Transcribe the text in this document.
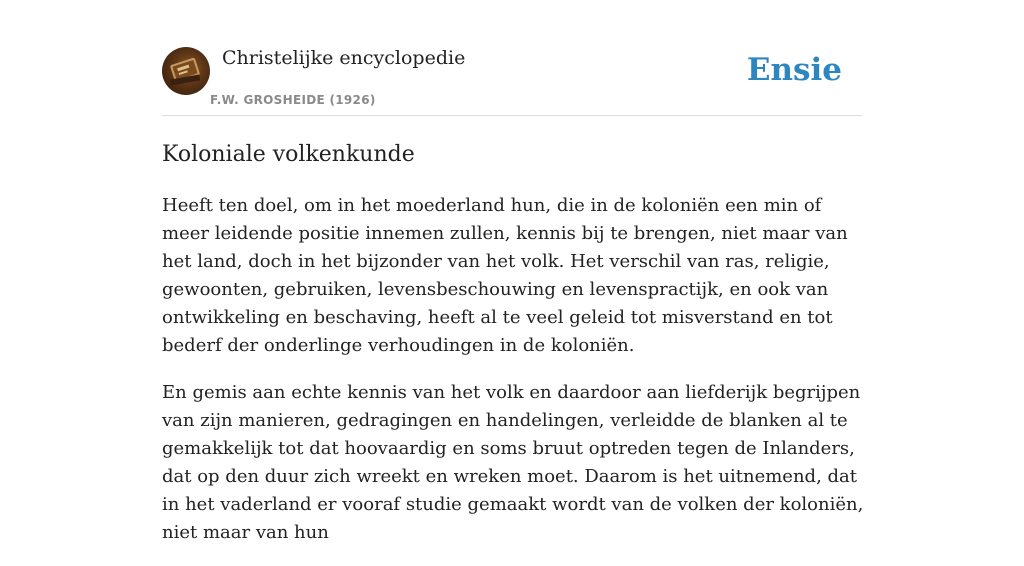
Christelijke encyclopedie
F.W. GROSHEIDE (1926)
Ensie
Koloniale volkenkunde

Heeft ten doel, om in het moederland hun, die in de koloniën een min of meer leidende positie innemen zullen, kennis bij te brengen, niet maar van het land, doch in het bijzonder van het volk. Het verschil van ras, religie, gewoonten, gebruiken, levensbeschouwing en levenspractijk, en ook van ontwikkeling en beschaving, heeft al te veel geleid tot misverstand en tot bederf der onderlinge verhoudingen in de koloniën.

En gemis aan echte kennis van het volk en daardoor aan liefderijk begrijpen van zijn manieren, gedragingen en handelingen, verleidde de blanken al te gemakkelijk tot dat hoovaardig en soms bruut optreden tegen de Inlanders, dat op den duur zich wreekt en wreken moet. Daarom is het uitnemend, dat in het vaderland er vooraf studie gemaakt wordt van de volken der koloniën, niet maar van hun
